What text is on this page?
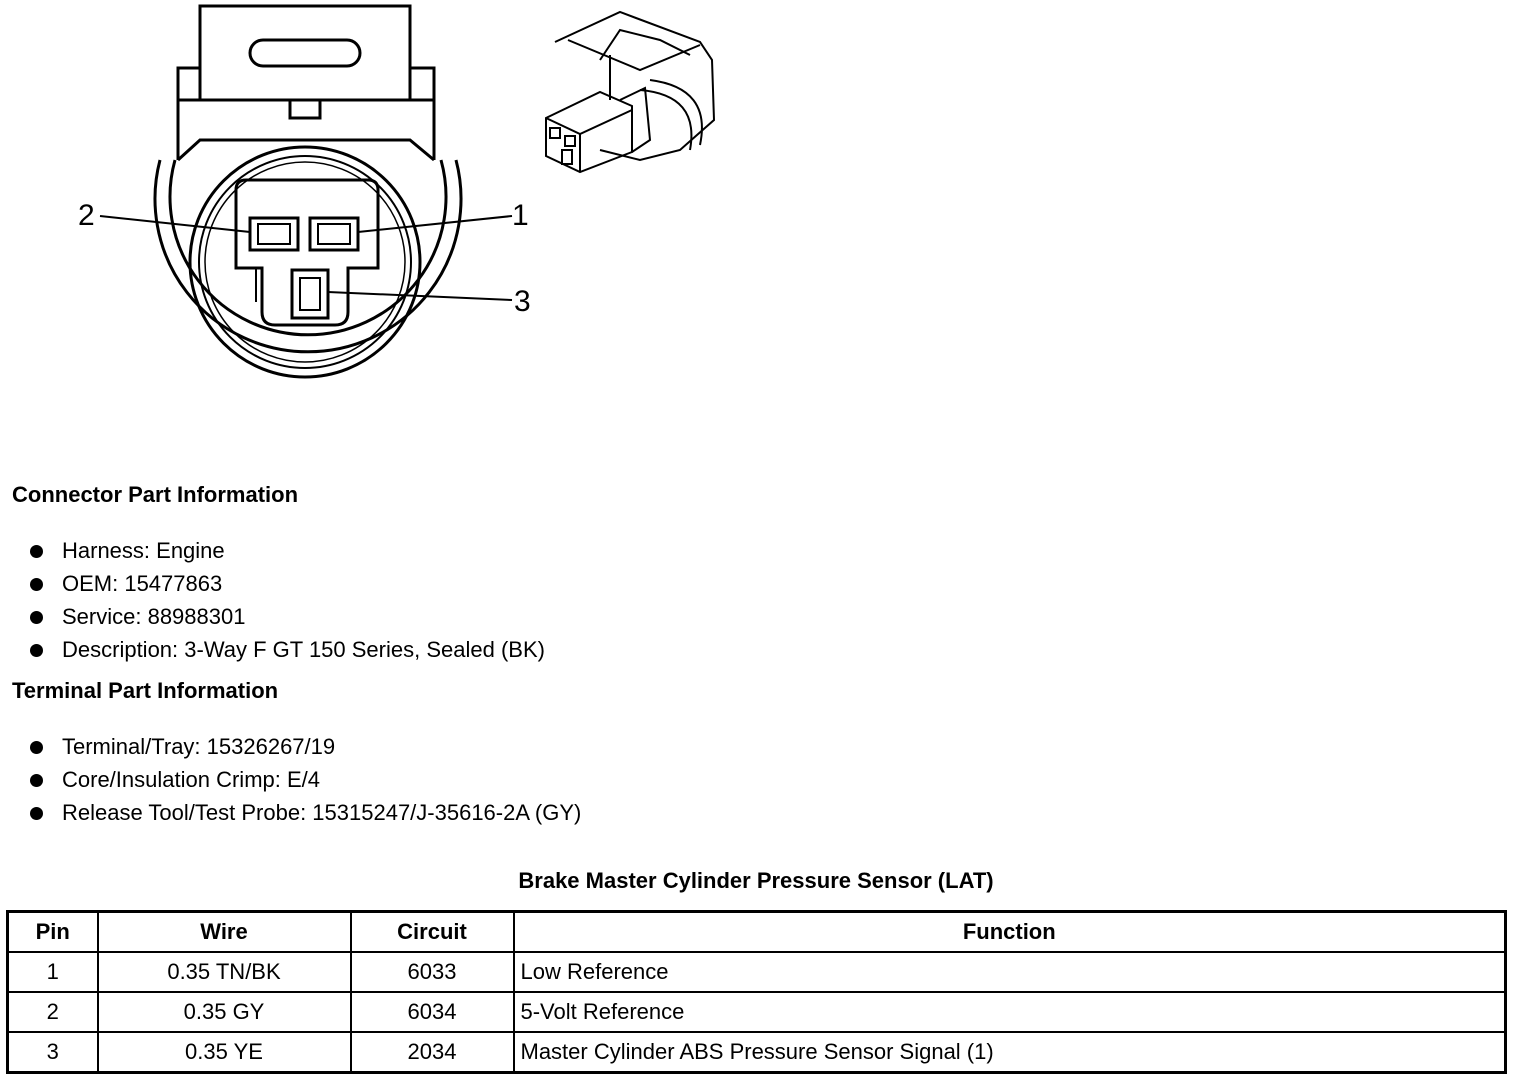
1
2
3
Connector Part Information
Harness: Engine
OEM: 15477863
Service: 88988301
Description: 3-Way F GT 150 Series, Sealed (BK)
Terminal Part Information
Terminal/Tray: 15326267/19
Core/Insulation Crimp: E/4
Release Tool/Test Probe: 15315247/J-35616-2A (GY)
Brake Master Cylinder Pressure Sensor (LAT)
Pin	Wire	Circuit	Function
1	0.35 TN/BK	6033	Low Reference
2	0.35 GY	6034	5-Volt Reference
3	0.35 YE	2034	Master Cylinder ABS Pressure Sensor Signal (1)
